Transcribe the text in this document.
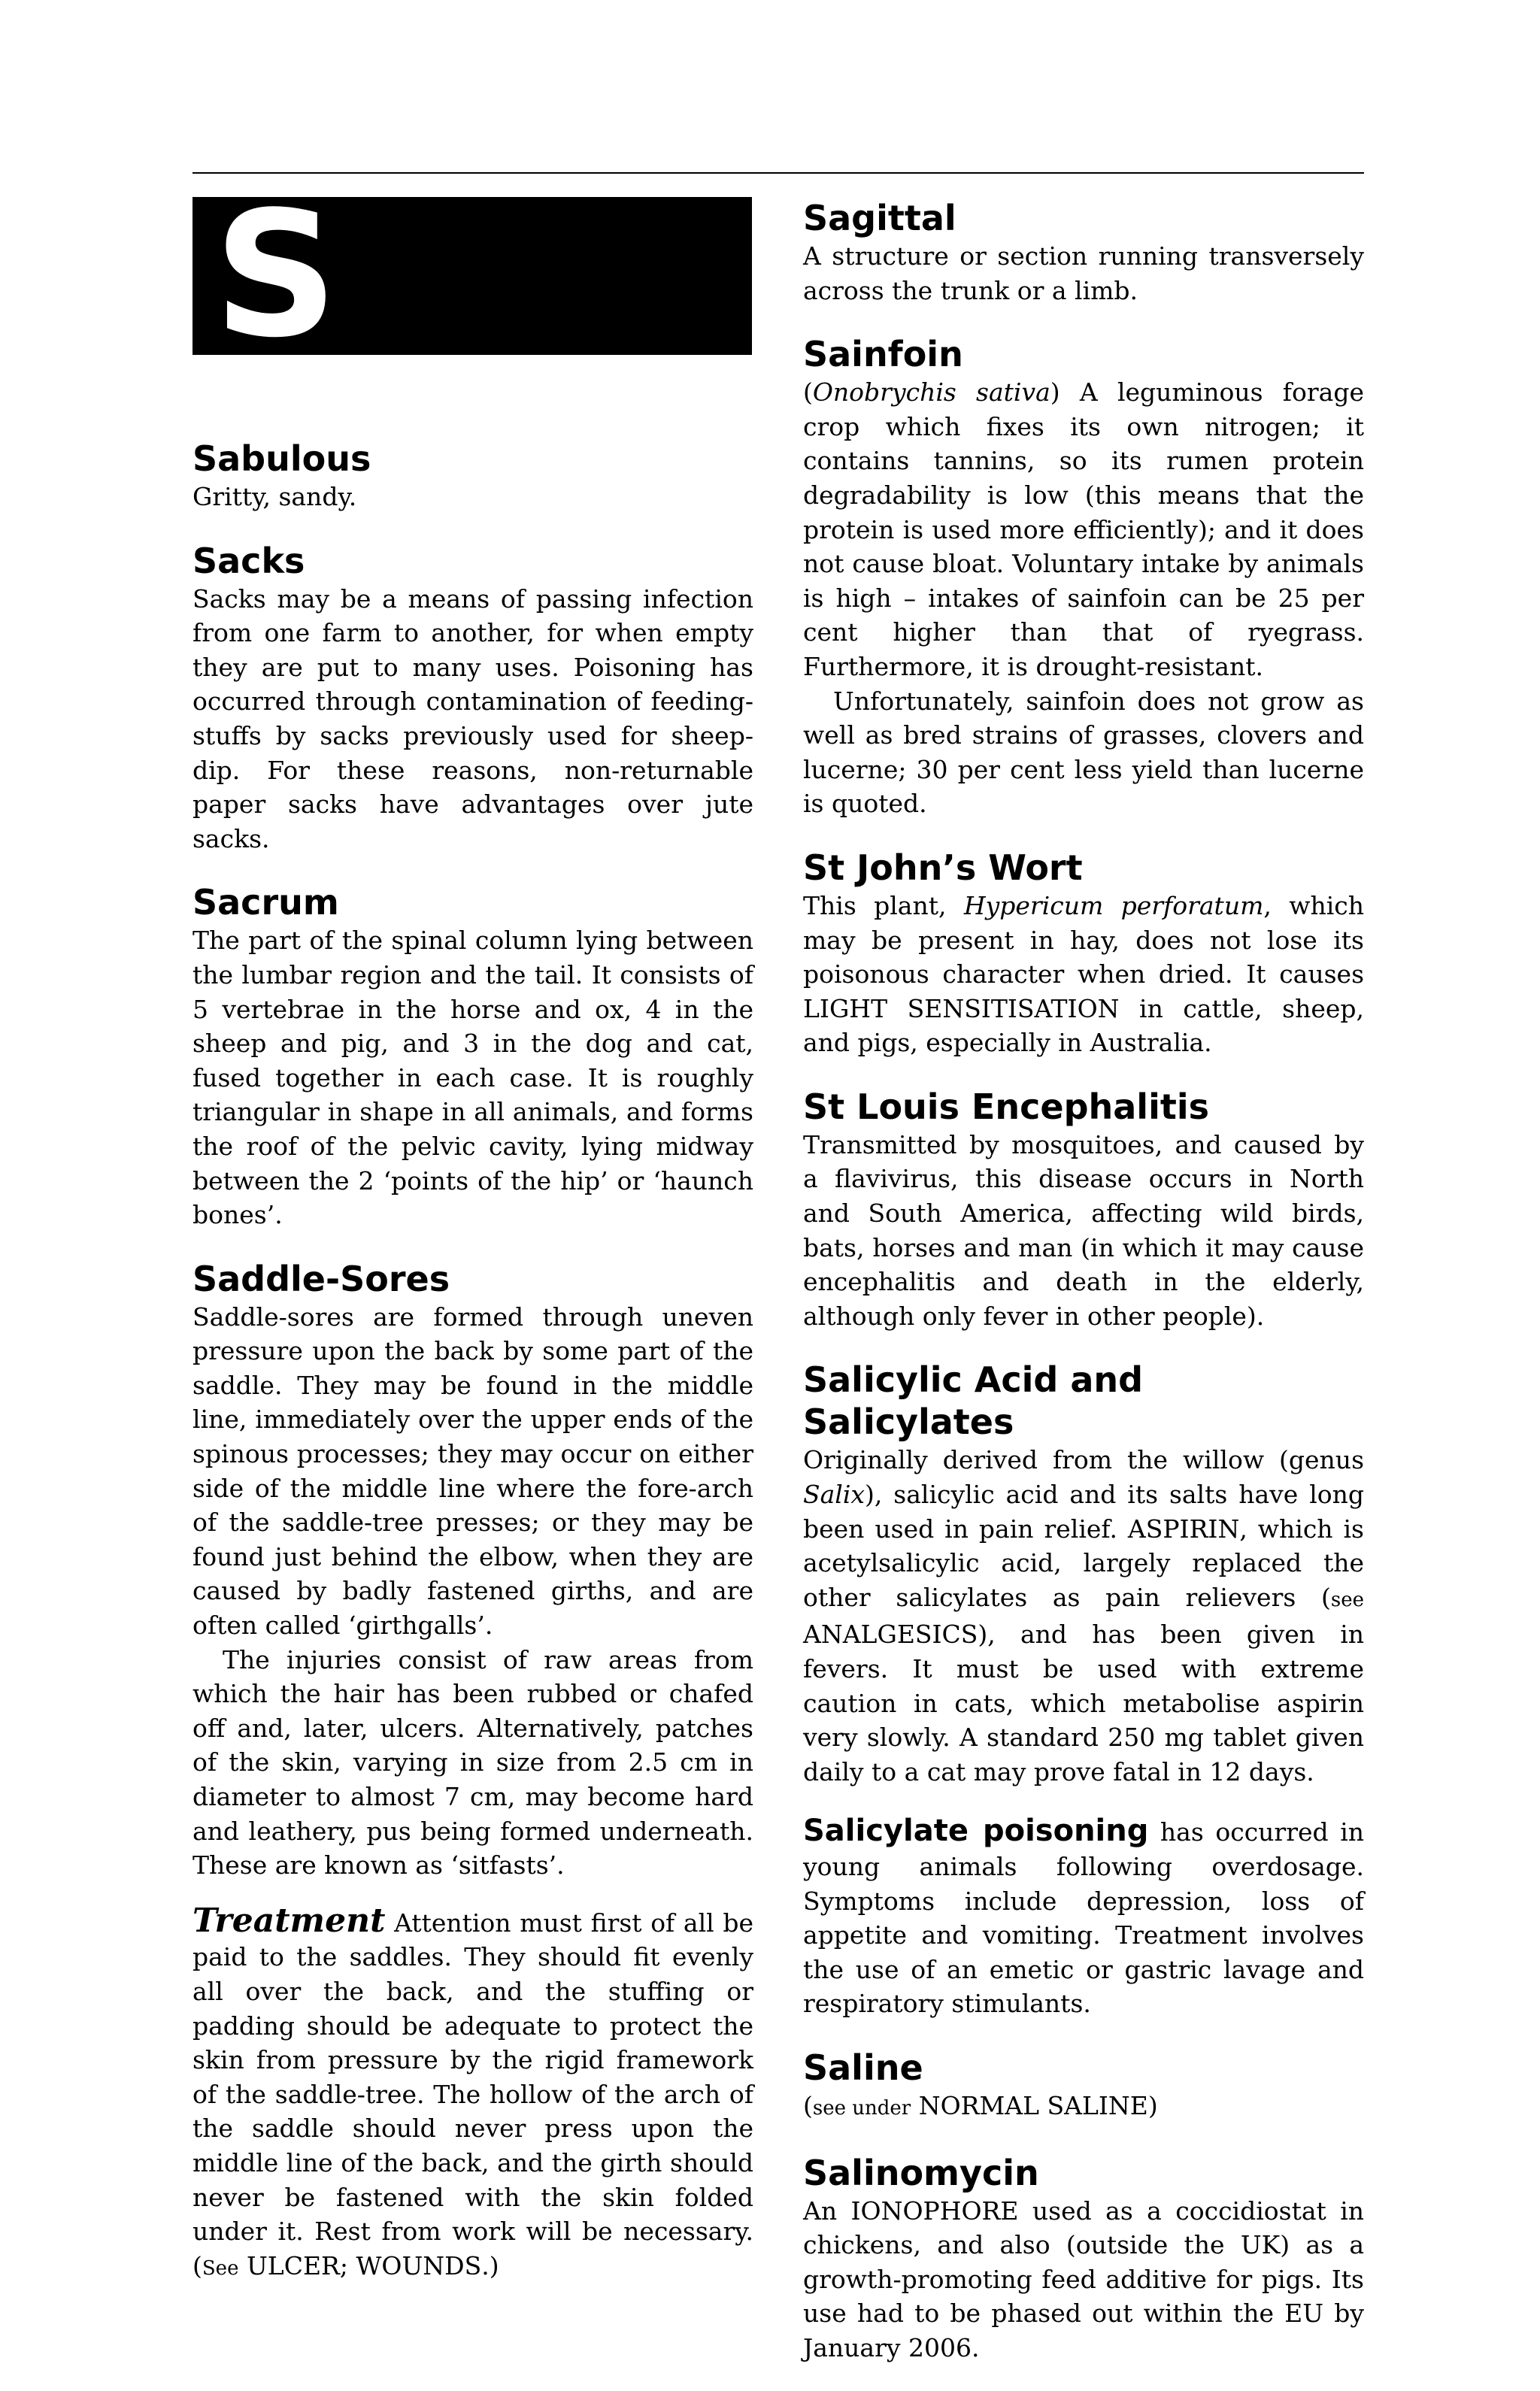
S
Sabulous

Gritty, sandy.

Sacks

Sacks may be a means of passing infection from one farm to another, for when empty they are put to many uses. Poisoning has occurred through contamination of feeding-stuffs by sacks previously used for sheep-dip. For these reasons, non-returnable paper sacks have advantages over jute sacks.

Sacrum

The part of the spinal column lying between the lumbar region and the tail. It consists of 5 vertebrae in the horse and ox, 4 in the sheep and pig, and 3 in the dog and cat, fused together in each case. It is roughly triangular in shape in all animals, and forms the roof of the pelvic cavity, lying midway between the 2 ‘points of the hip’ or ‘haunch bones’.

Saddle-Sores

Saddle-sores are formed through uneven pressure upon the back by some part of the saddle. They may be found in the middle line, immediately over the upper ends of the spinous processes; they may occur on either side of the middle line where the fore-arch of the saddle-tree presses; or they may be found just behind the elbow, when they are caused by badly fastened girths, and are often called ‘girthgalls’.

The injuries consist of raw areas from which the hair has been rubbed or chafed off and, later, ulcers. Alternatively, patches of the skin, varying in size from 2.5 cm in diameter to almost 7 cm, may become hard and leathery, pus being formed underneath. These are known as ‘sitfasts’.

Treatment Attention must first of all be paid to the saddles. They should fit evenly all over the back, and the stuffing or padding should be adequate to protect the skin from pressure by the rigid framework of the saddle-tree. The hollow of the arch of the saddle should never press upon the middle line of the back, and the girth should never be fastened with the skin folded under it. Rest from work will be necessary. (See ULCER; WOUNDS.)

Sagittal

A structure or section running transversely across the trunk or a limb.

Sainfoin

(Onobrychis sativa) A leguminous forage crop which fixes its own nitrogen; it contains tannins, so its rumen protein degradability is low (this means that the protein is used more efficiently); and it does not cause bloat. Voluntary intake by animals is high – intakes of sainfoin can be 25 per cent higher than that of ryegrass. Furthermore, it is drought-resistant.

Unfortunately, sainfoin does not grow as well as bred strains of grasses, clovers and lucerne; 30 per cent less yield than lucerne is quoted.

St John’s Wort

This plant, Hypericum perforatum, which may be present in hay, does not lose its poisonous character when dried. It causes LIGHT SENSITISATION in cattle, sheep, and pigs, especially in Australia.

St Louis Encephalitis

Transmitted by mosquitoes, and caused by a flavivirus, this disease occurs in North and South America, affecting wild birds, bats, horses and man (in which it may cause encephalitis and death in the elderly, although only fever in other people).

Salicylic Acid and Salicylates

Originally derived from the willow (genus Salix), salicylic acid and its salts have long been used in pain relief. ASPIRIN, which is acetylsalicylic acid, largely replaced the other salicylates as pain relievers (see ANALGESICS), and has been given in fevers. It must be used with extreme caution in cats, which metabolise aspirin very slowly. A standard 250 mg tablet given daily to a cat may prove fatal in 12 days.

Salicylate poisoning has occurred in young animals following overdosage. Symptoms include depression, loss of appetite and vomiting. Treatment involves the use of an emetic or gastric lavage and respiratory stimulants.

Saline

(see under NORMAL SALINE)

Salinomycin

An IONOPHORE used as a coccidiostat in chickens, and also (outside the UK) as a growth-promoting feed additive for pigs. Its use had to be phased out within the EU by January 2006.
